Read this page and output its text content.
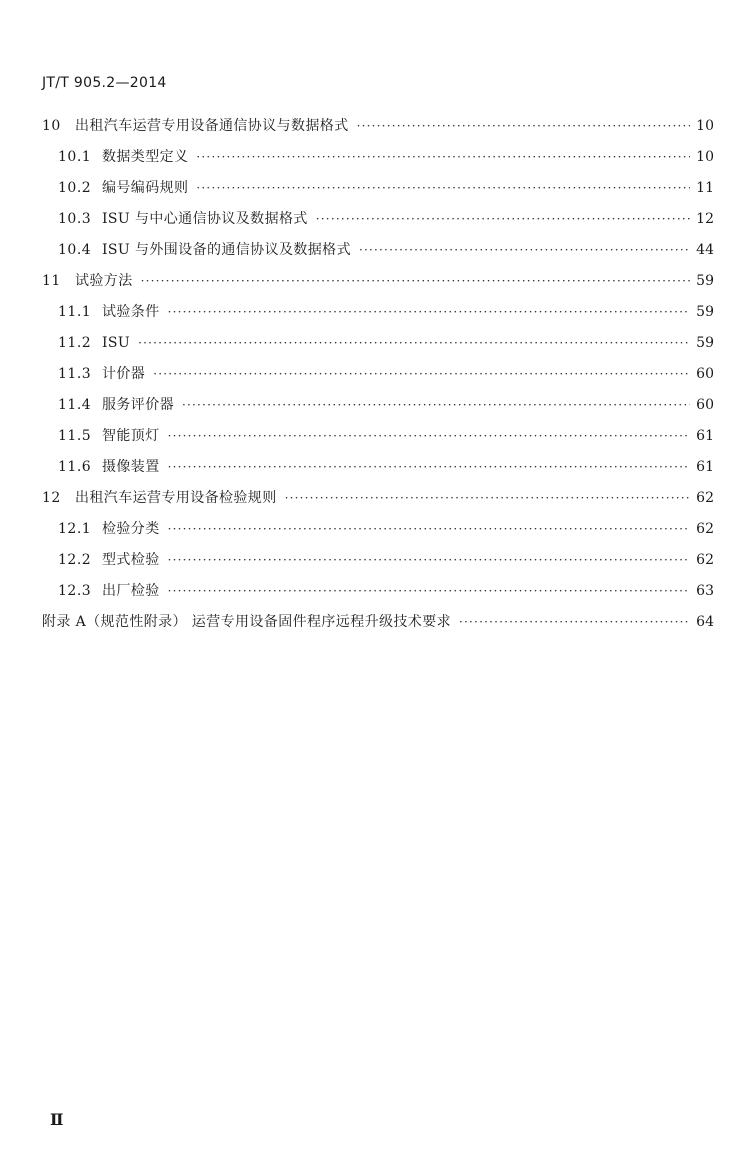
JT/T 905.2—2014
10	出租汽车运营专用设备通信协议与数据格式 ·····	10
10.1 数据类型定义 ·····	10
10.2 编号编码规则 ·····	11
10.3 ISU 与中心通信协议及数据格式 ·····	12
10.4 ISU 与外围设备的通信协议及数据格式 ·····	44
11	试验方法 ·····	59
11.1 试验条件 ·····	59
11.2 ISU ·····	59
11.3 计价器 ·····	60
11.4 服务评价器 ·····	60
11.5 智能顶灯 ·····	61
11.6 摄像装置 ·····	61
12	出租汽车运营专用设备检验规则 ·····	62
12.1 检验分类 ·····	62
12.2 型式检验 ·····	62
12.3 出厂检验 ·····	63
附录 A（规范性附录） 运营专用设备固件程序远程升级技术要求 ·····	64
Ⅱ
